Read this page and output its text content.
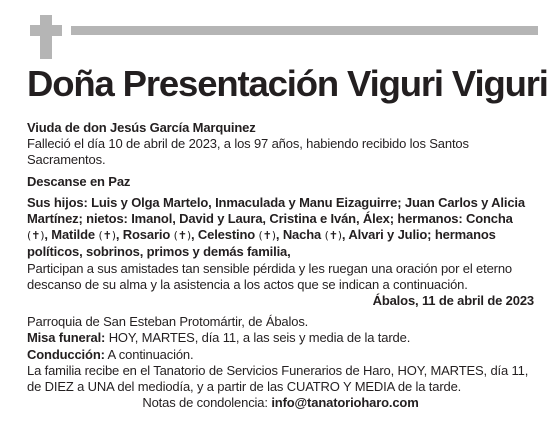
Doña Presentación Viguri Viguri

Viuda de don Jesús García Marquinez

Falleció el día 10 de abril de 2023, a los 97 años, habiendo recibido los Santos Sacramentos.

Descanse en Paz

Sus hijos: Luis y Olga Martelo, Inmaculada y Manu Eizaguirre; Juan Carlos y Alicia Martínez; nietos: Imanol, David y Laura, Cristina e Iván, Álex; hermanos: Concha (✝), Matilde (✝), Rosario (✝), Celestino (✝), Nacha (✝), Alvari y Julio; hermanos políticos, sobrinos, primos y demás familia,

Participan a sus amistades tan sensible pérdida y les ruegan una oración por el eterno descanso de su alma y la asistencia a los actos que se indican a continuación.

Ábalos, 11 de abril de 2023

Parroquia de San Esteban Protomártir, de Ábalos.

Misa funeral: HOY, MARTES, día 11, a las seis y media de la tarde.

Conducción: A continuación.

La familia recibe en el Tanatorio de Servicios Funerarios de Haro, HOY, MARTES, día 11, de DIEZ a UNA del mediodía, y a partir de las CUATRO Y MEDIA de la tarde.

Notas de condolencia: info@tanatorioharo.com
